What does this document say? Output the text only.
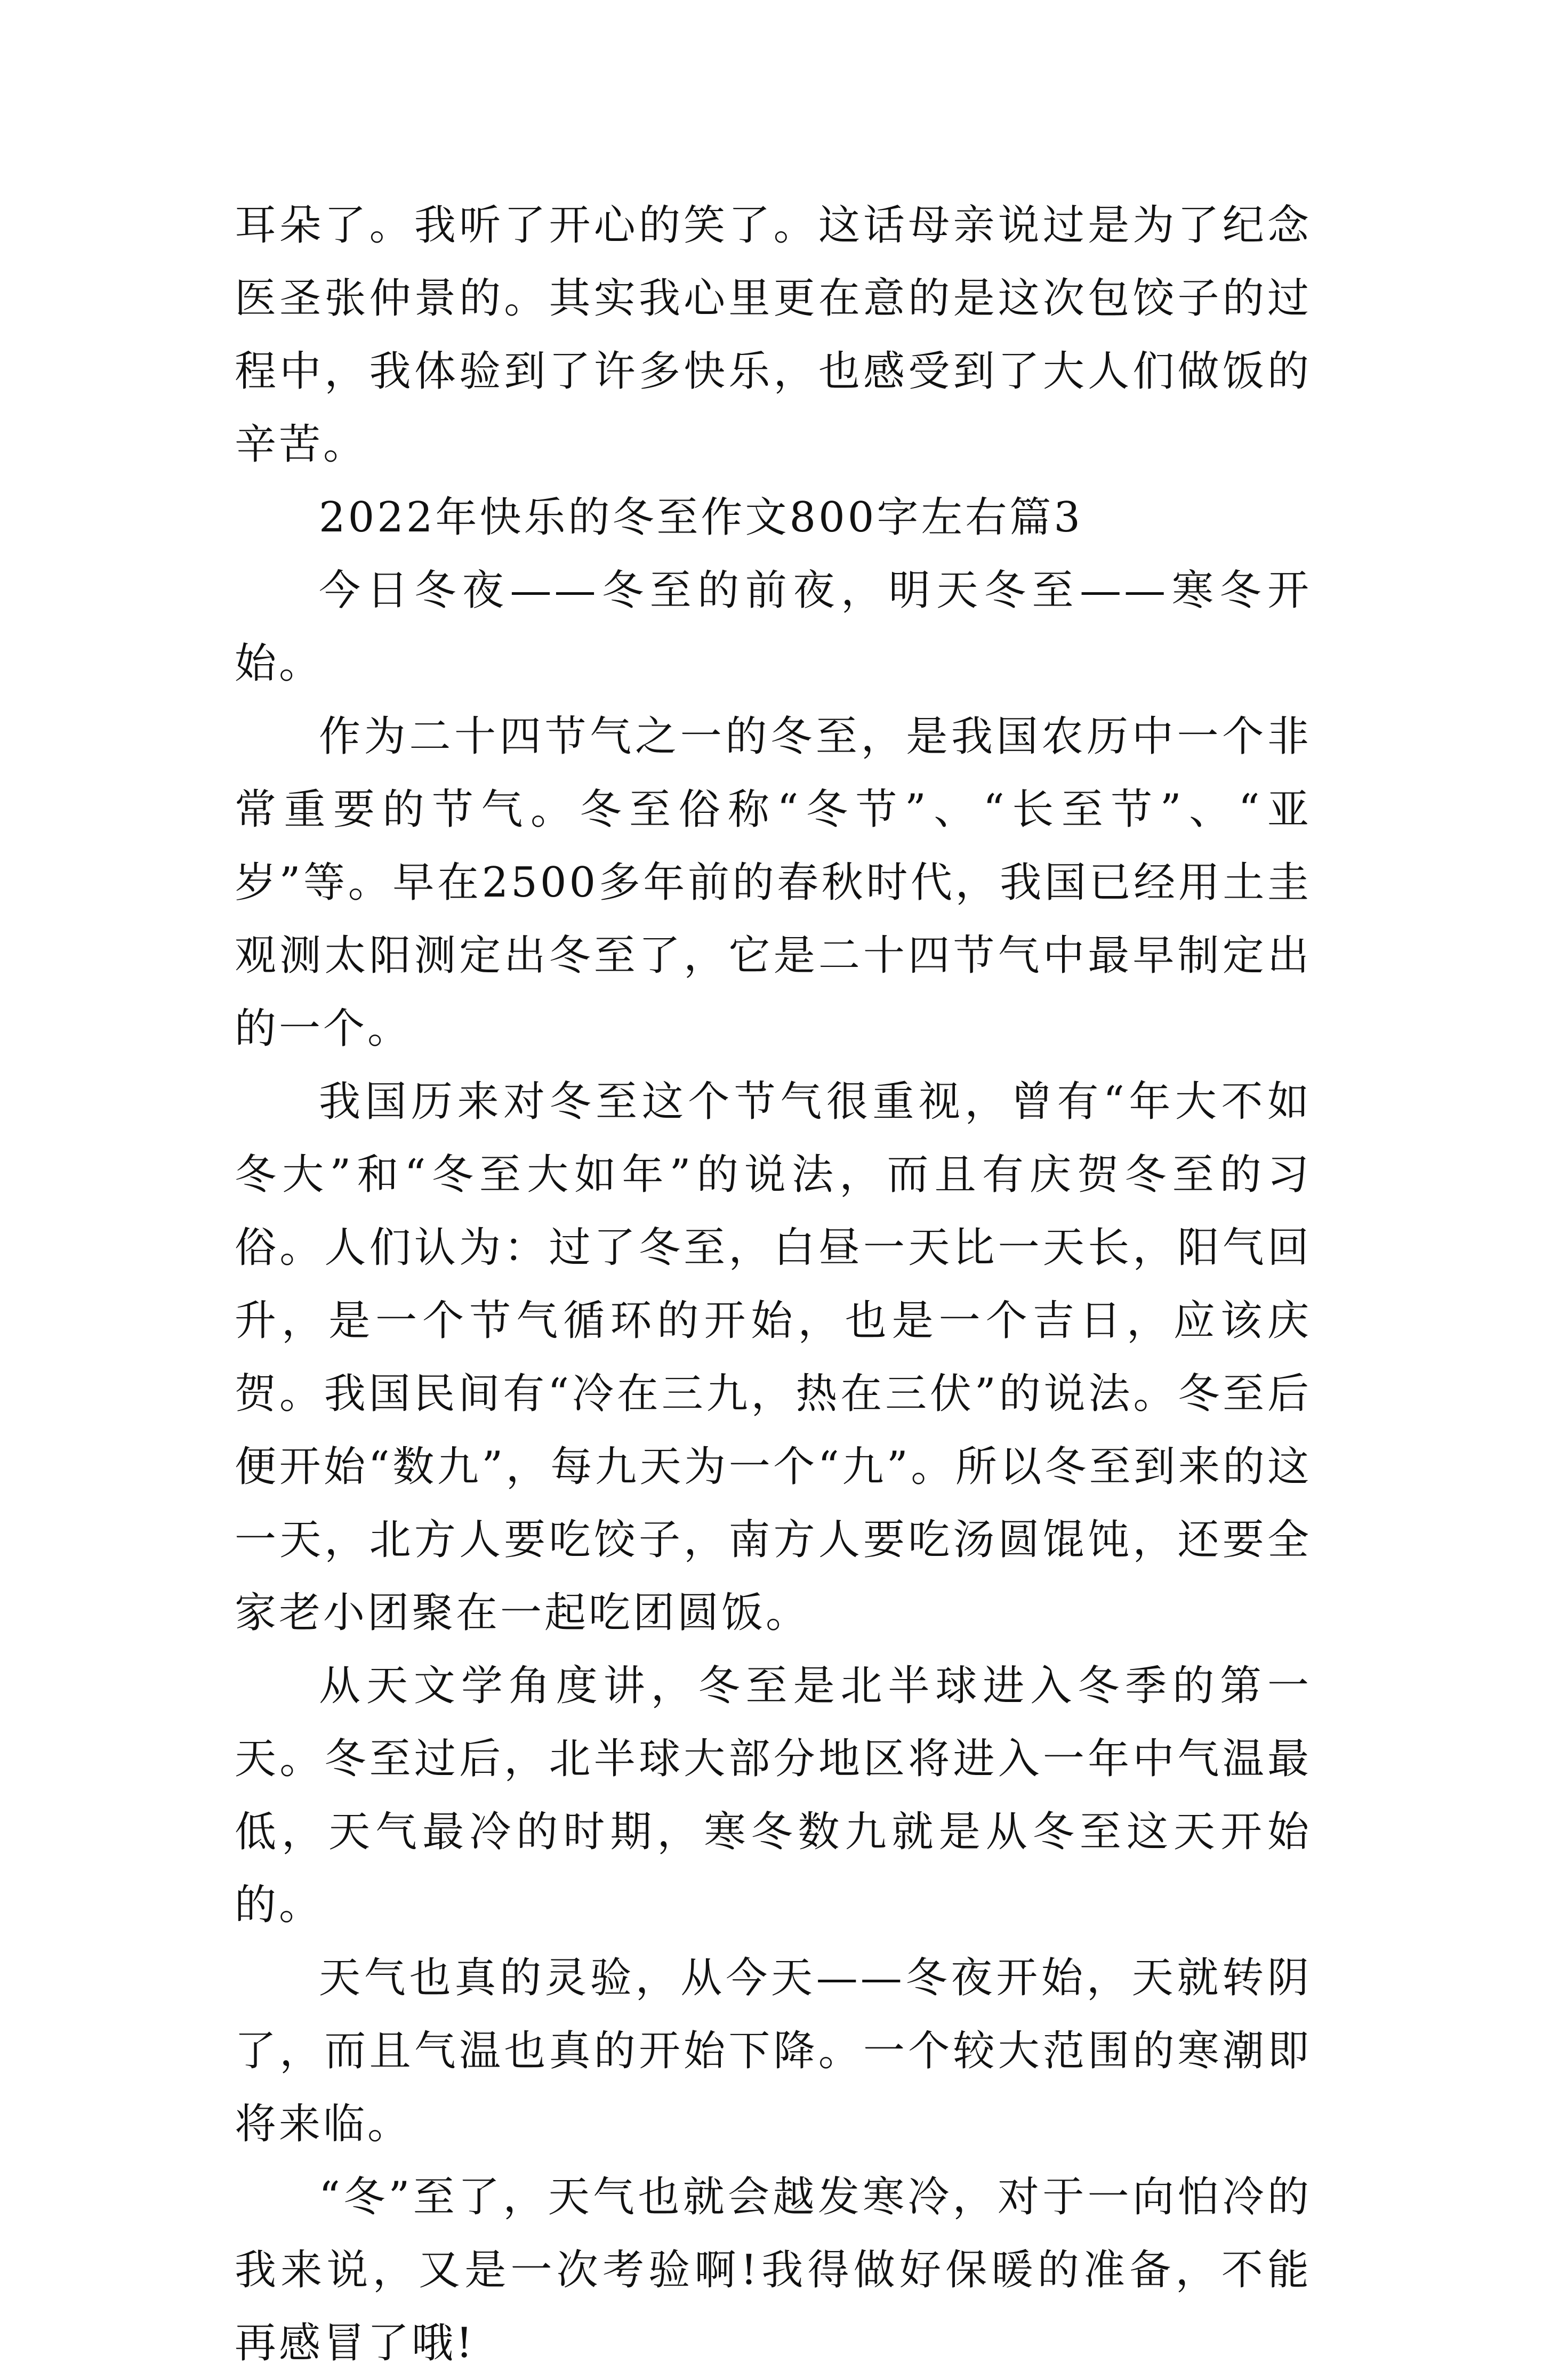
耳朵了。我听了开心的笑了。这话母亲说过是为了纪念医圣张仲景的。其实我心里更在意的是这次包饺子的过程中，我体验到了许多快乐，也感受到了大人们做饭的辛苦。

2022年快乐的冬至作文800字左右篇3

今日冬夜——冬至的前夜，明天冬至——寒冬开始。

作为二十四节气之一的冬至，是我国农历中一个非常重要的节气。冬至俗称“冬节”、“长至节”、“亚岁”等。早在2500多年前的春秋时代，我国已经用土圭观测太阳测定出冬至了，它是二十四节气中最早制定出的一个。

我国历来对冬至这个节气很重视，曾有“年大不如冬大”和“冬至大如年”的说法，而且有庆贺冬至的习俗。人们认为：过了冬至，白昼一天比一天长，阳气回升，是一个节气循环的开始，也是一个吉日，应该庆贺。我国民间有“冷在三九，热在三伏”的说法。冬至后便开始“数九”，每九天为一个“九”。所以冬至到来的这一天，北方人要吃饺子，南方人要吃汤圆馄饨，还要全家老小团聚在一起吃团圆饭。

从天文学角度讲，冬至是北半球进入冬季的第一天。冬至过后，北半球大部分地区将进入一年中气温最低，天气最冷的时期，寒冬数九就是从冬至这天开始的。

天气也真的灵验，从今天——冬夜开始，天就转阴了，而且气温也真的开始下降。一个较大范围的寒潮即将来临。

“冬”至了，天气也就会越发寒冷，对于一向怕冷的我来说，又是一次考验啊!我得做好保暖的准备，不能再感冒了哦!
